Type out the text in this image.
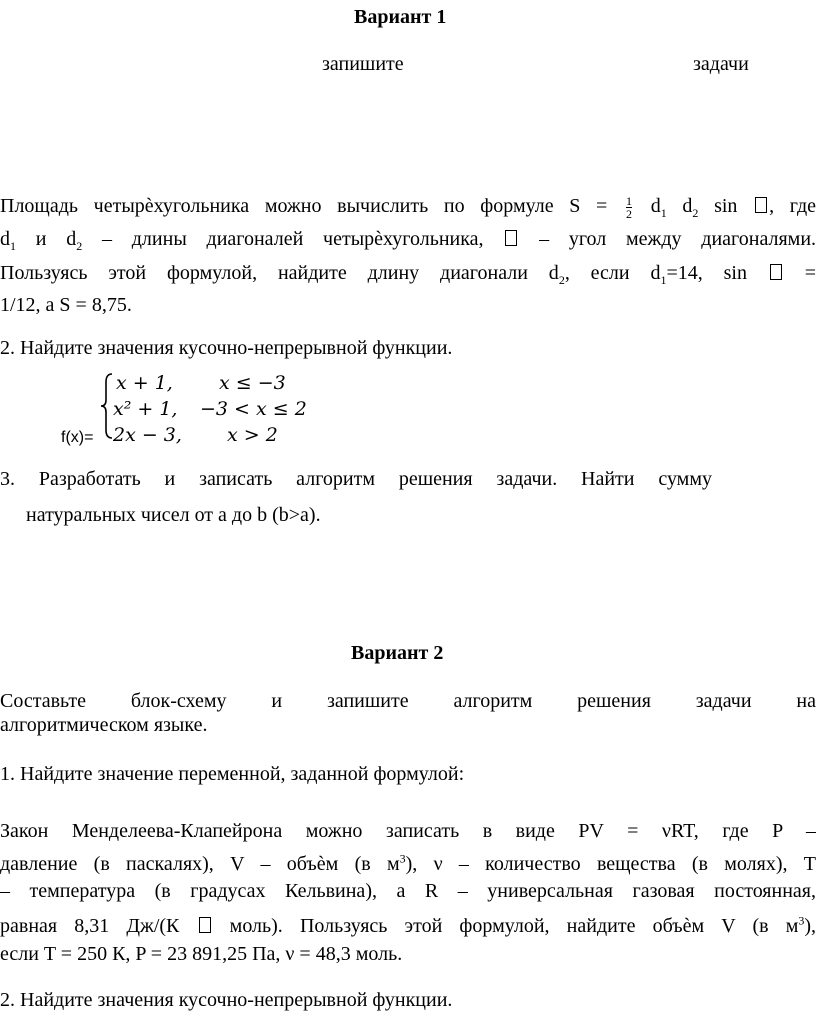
Вариант 1
запишите	задачи
Площадь четырѐхугольника можно вычислить по формуле $S = \frac{1}{2} d_1$ $d_2$ sin , где
$d_1$ и $d_2$ – длины диагоналей четырѐхугольника,	– угол между диагоналями.
Пользуясь этой формулой, найдите длину диагонали $d_2$, если $d_1=14$, sin	=
1/12, а S = 8,75.
2. Найдите значения кусочно-непрерывной функции.
x + 1, x ≤ −3
x² + 1, −3 < x ≤ 2
2x − 3, x > 2
f(x)=
3. Разработать и записать алгоритм решения задачи. Найти сумму
натуральных чисел от а до b (b>a).
Вариант 2
Составьте блок-схему и запишите алгоритм решения задачи на
алгоритмическом языке.
1. Найдите значение переменной, заданной формулой:
Закон Менделеева-Клапейрона можно записать в виде PV = νRT, где P –
давление (в паскалях), V – объѐм (в $м^3$), ν – количество вещества (в молях), T
– температура (в градусах Кельвина), а R – универсальная газовая постоянная,
равная 8,31 Дж/(К	моль). Пользуясь этой формулой, найдите объѐм V (в $м^3$),
если T = 250 К, P = 23 891,25 Па, ν = 48,3 моль.
2. Найдите значения кусочно-непрерывной функции.
